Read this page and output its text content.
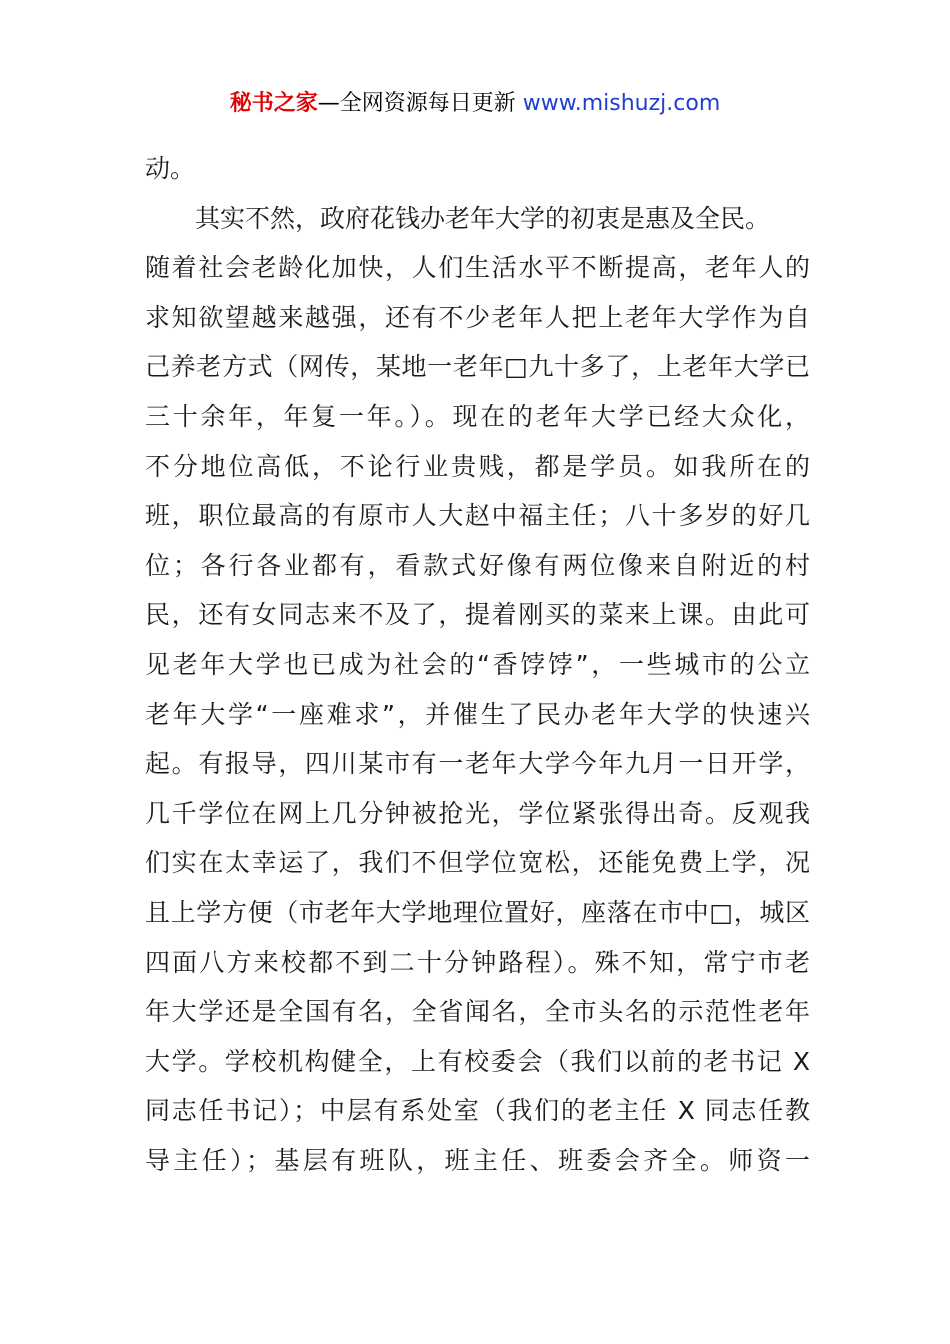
秘书之家—全网资源每日更新 www.mishuzj.com
动。
其实不然，政府花钱办老年大学的初衷是惠及全民。
随着社会老龄化加快，人们生活水平不断提高，老年人的
求知欲望越来越强，还有不少老年人把上老年大学作为自
己养老方式（网传，某地一老年□九十多了，上老年大学已
三十余年，年复一年。）。现在的老年大学已经大众化，
不分地位高低，不论行业贵贱，都是学员。如我所在的
班，职位最高的有原市人大赵中福主任；八十多岁的好几
位；各行各业都有，看款式好像有两位像来自附近的村
民，还有女同志来不及了，提着刚买的菜来上课。由此可
见老年大学也已成为社会的“香饽饽”，一些城市的公立
老年大学“一座难求”，并催生了民办老年大学的快速兴
起。有报导，四川某市有一老年大学今年九月一日开学，
几千学位在网上几分钟被抢光，学位紧张得出奇。反观我
们实在太幸运了，我们不但学位宽松，还能免费上学，况
且上学方便（市老年大学地理位置好，座落在市中□，城区
四面八方来校都不到二十分钟路程）。殊不知，常宁市老
年大学还是全国有名，全省闻名，全市头名的示范性老年
大学。学校机构健全，上有校委会（我们以前的老书记 X
同志任书记）；中层有系处室（我们的老主任 X 同志任教
导主任）；基层有班队，班主任、班委会齐全。师资一
